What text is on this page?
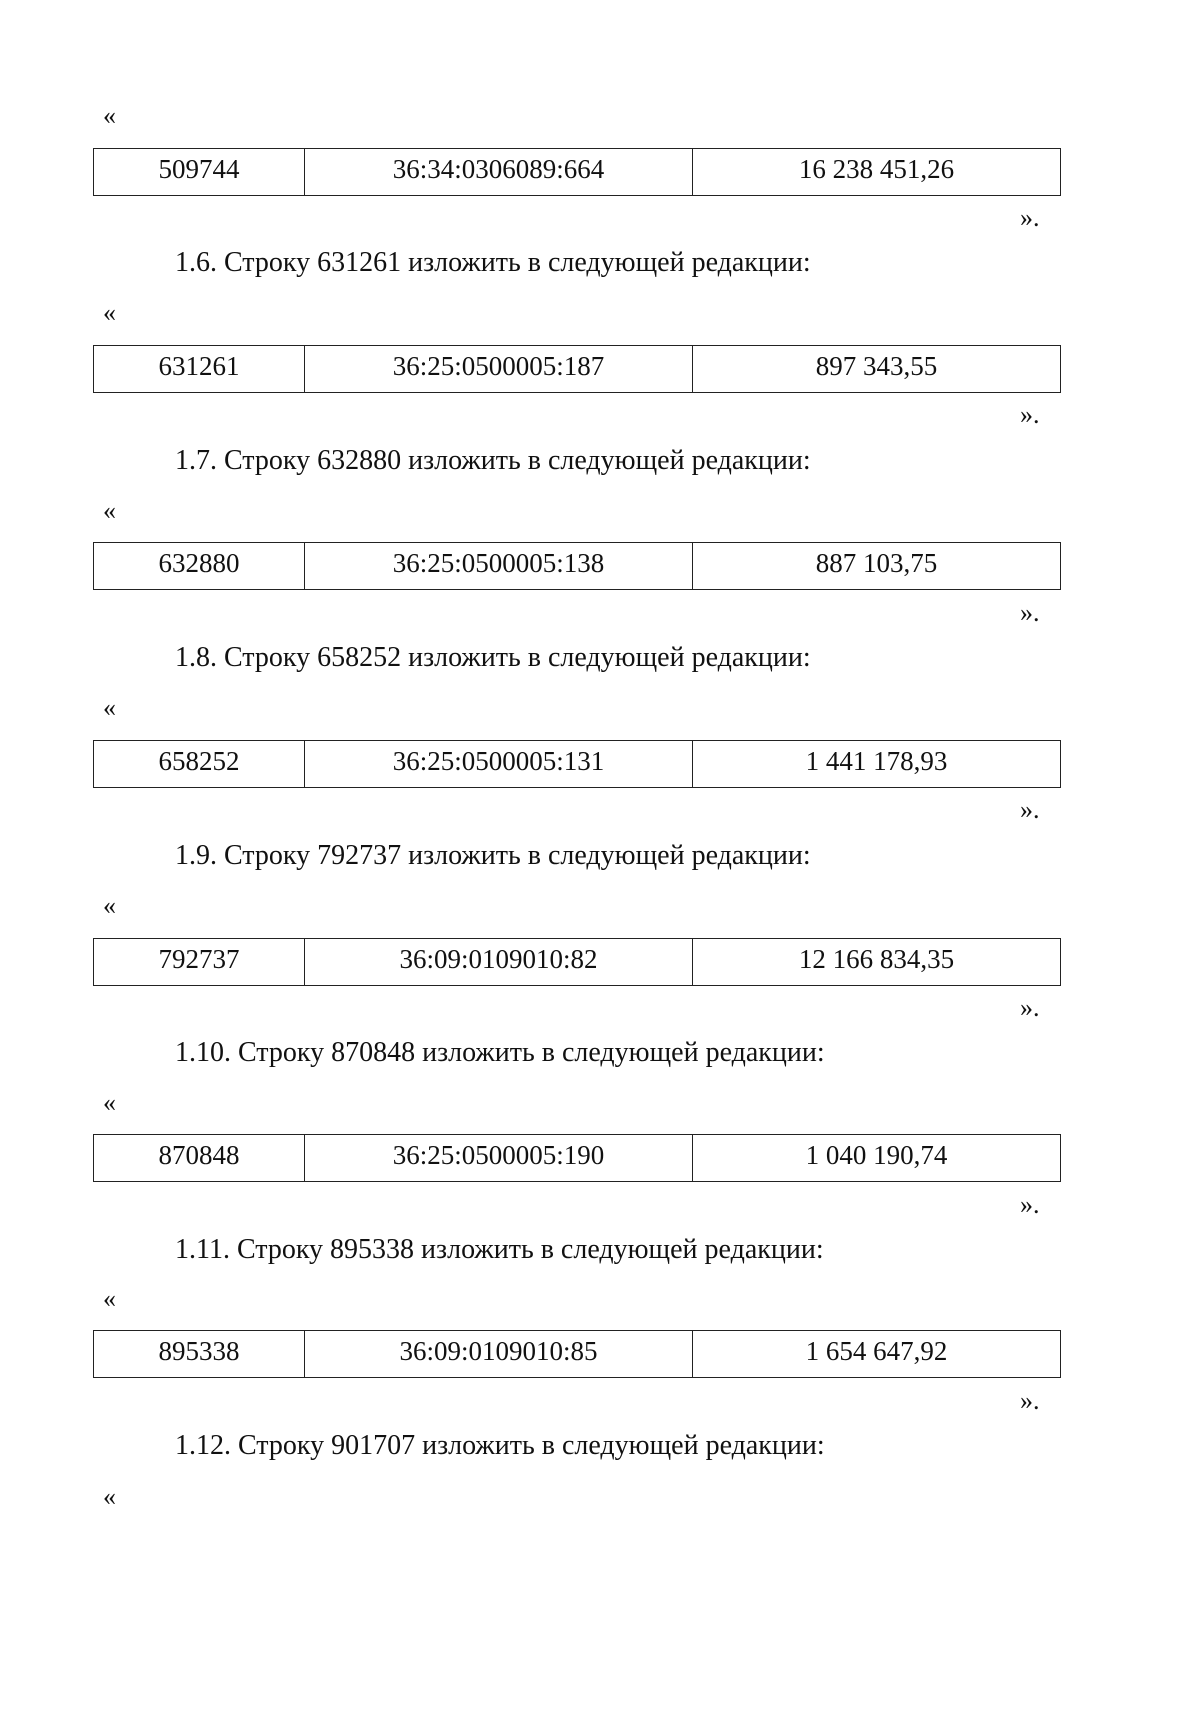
«
509744	36:34:0306089:664	16 238 451,26
».
1.6. Строку 631261 изложить в следующей редакции:
«
631261	36:25:0500005:187	897 343,55
».
1.7. Строку 632880 изложить в следующей редакции:
«
632880	36:25:0500005:138	887 103,75
».
1.8. Строку 658252 изложить в следующей редакции:
«
658252	36:25:0500005:131	1 441 178,93
».
1.9. Строку 792737 изложить в следующей редакции:
«
792737	36:09:0109010:82	12 166 834,35
».
1.10. Строку 870848 изложить в следующей редакции:
«
870848	36:25:0500005:190	1 040 190,74
».
1.11. Строку 895338 изложить в следующей редакции:
«
895338	36:09:0109010:85	1 654 647,92
».
1.12. Строку 901707 изложить в следующей редакции:
«
